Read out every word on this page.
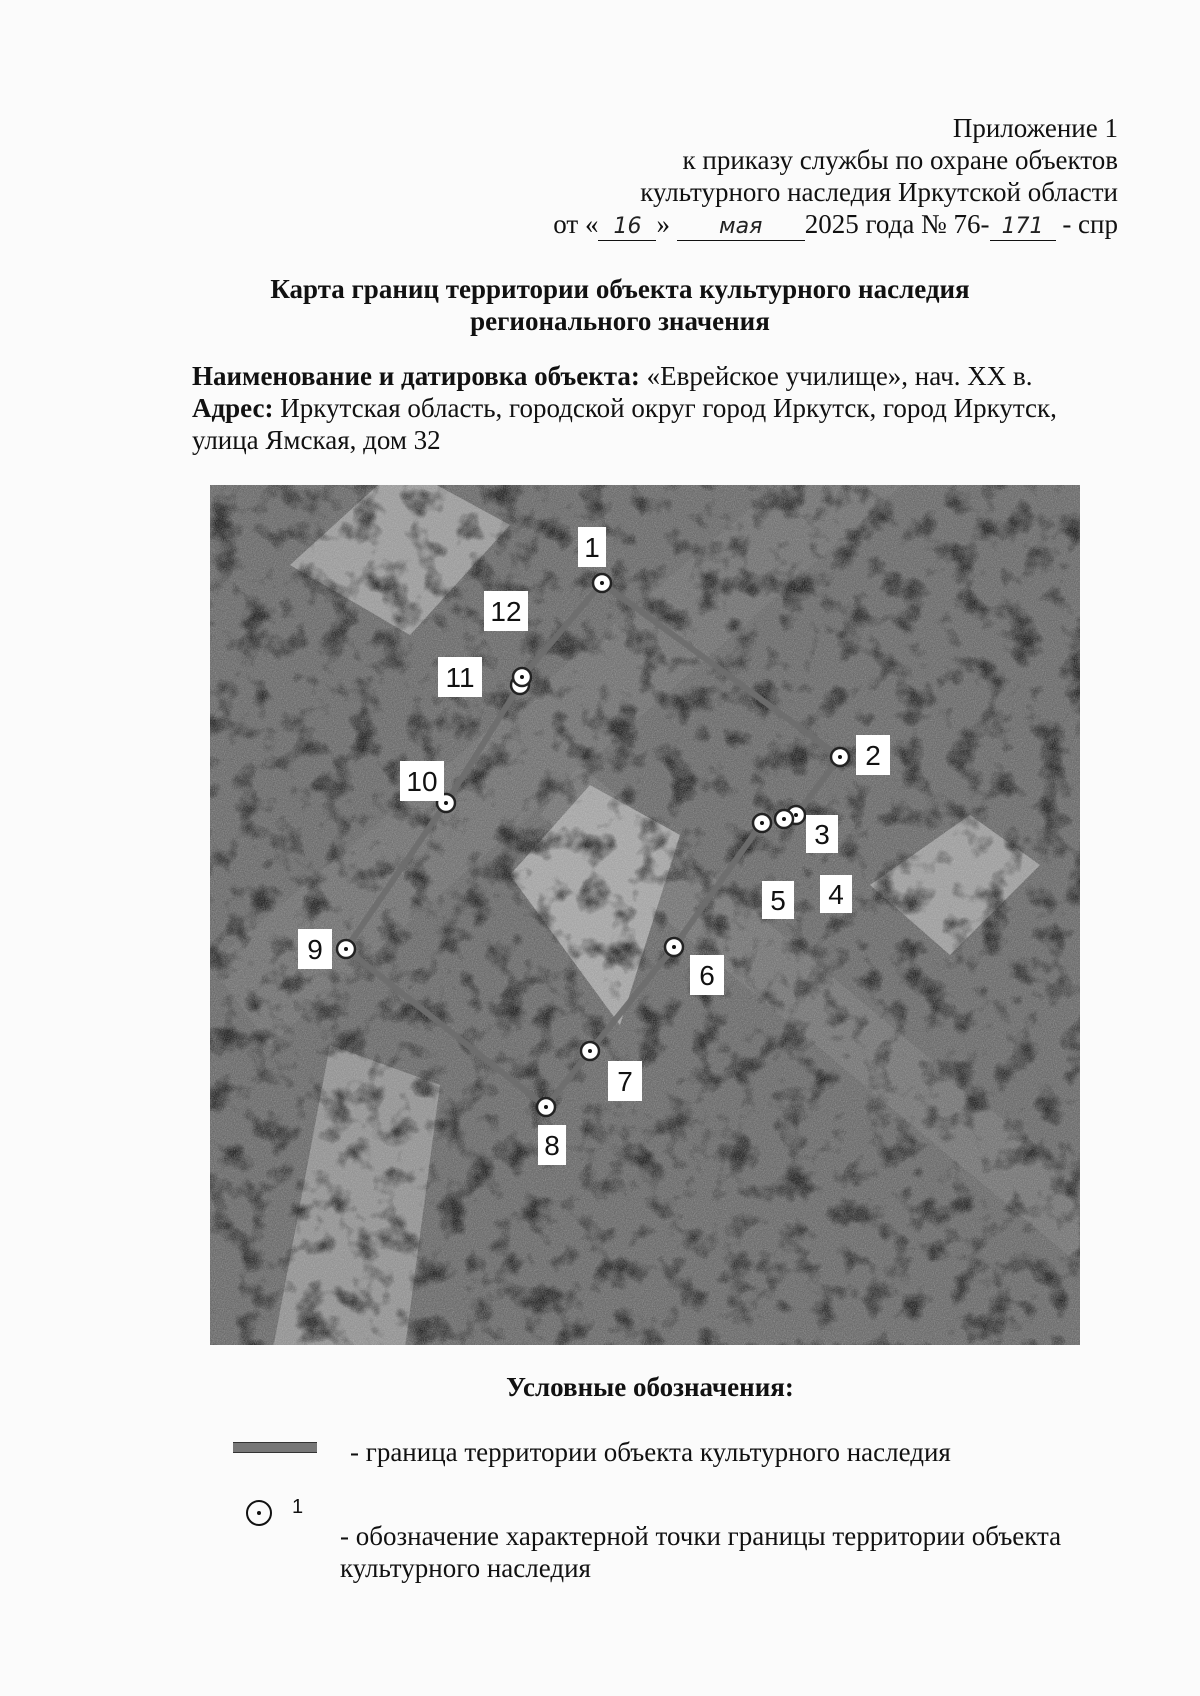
Приложение 1
к приказу службы по охране объектов
культурного наследия Иркутской области
от « 16 » мая 2025 года № 76- 171 - спр
Карта границ территории объекта культурного наследия
регионального значения
Наименование и датировка объекта: «Еврейское училище», нач. XX в.
Адрес: Иркутская область, городской округ город Иркутск, город Иркутск, улица Ямская, дом 32
1
2
3
4
5
6
7
8
9
10
11
12
Условные обозначения:
- граница территории объекта культурного наследия
1
- обозначение характерной точки границы территории объекта культурного наследия
